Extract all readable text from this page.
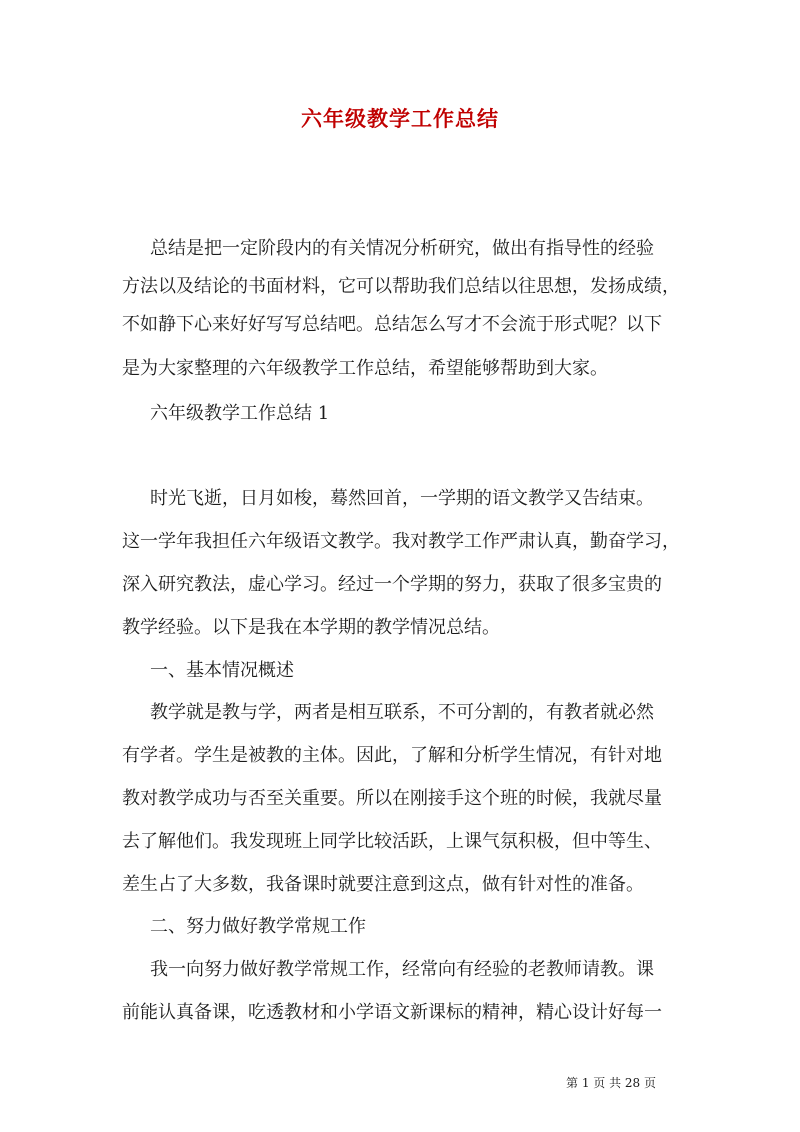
六年级教学工作总结
总结是把一定阶段内的有关情况分析研究，做出有指导性的经验
方法以及结论的书面材料，它可以帮助我们总结以往思想，发扬成绩，
不如静下心来好好写写总结吧。总结怎么写才不会流于形式呢？以下
是为大家整理的六年级教学工作总结，希望能够帮助到大家。
六年级教学工作总结 1
时光飞逝，日月如梭，蓦然回首，一学期的语文教学又告结束。
这一学年我担任六年级语文教学。我对教学工作严肃认真，勤奋学习，
深入研究教法，虚心学习。经过一个学期的努力，获取了很多宝贵的
教学经验。以下是我在本学期的教学情况总结。
一、基本情况概述
教学就是教与学，两者是相互联系，不可分割的，有教者就必然
有学者。学生是被教的主体。因此，了解和分析学生情况，有针对地
教对教学成功与否至关重要。所以在刚接手这个班的时候，我就尽量
去了解他们。我发现班上同学比较活跃，上课气氛积极，但中等生、
差生占了大多数，我备课时就要注意到这点，做有针对性的准备。
二、努力做好教学常规工作
我一向努力做好教学常规工作，经常向有经验的老教师请教。课
前能认真备课，吃透教材和小学语文新课标的精神，精心设计好每一
第 1 页 共 28 页
